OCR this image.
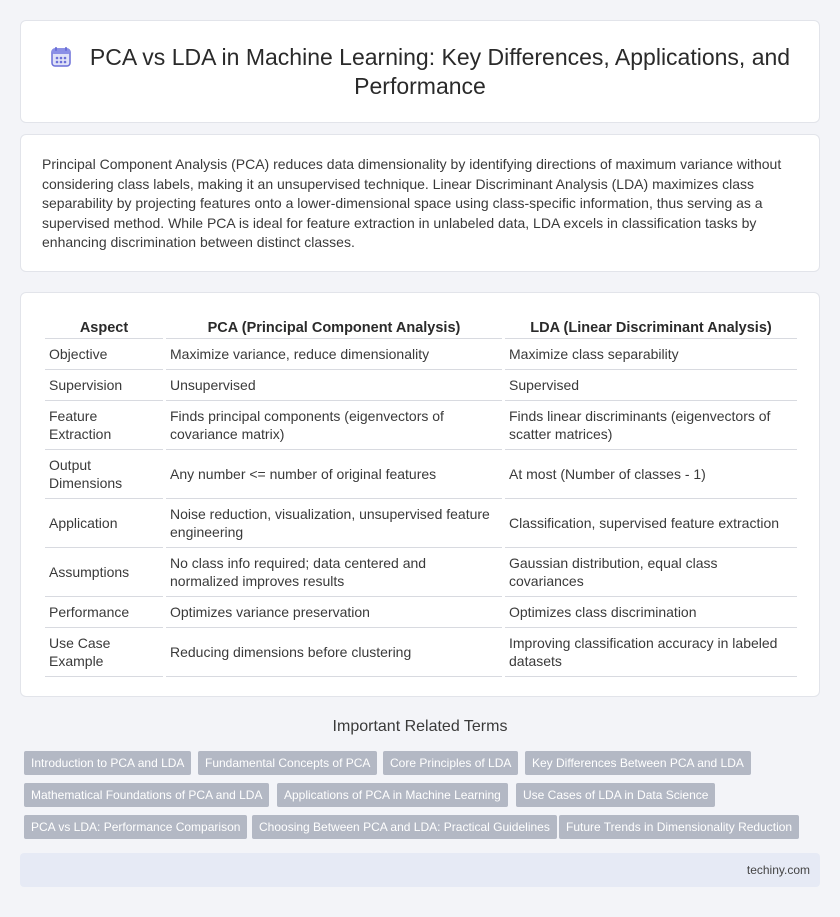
PCA vs LDA in Machine Learning: Key Differences, Applications, and Performance

Principal Component Analysis (PCA) reduces data dimensionality by identifying directions of maximum variance without considering class labels, making it an unsupervised technique. Linear Discriminant Analysis (LDA) maximizes class separability by projecting features onto a lower-dimensional space using class-specific information, thus serving as a supervised method. While PCA is ideal for feature extraction in unlabeled data, LDA excels in classification tasks by enhancing discrimination between distinct classes.

Aspect	PCA (Principal Component Analysis)	LDA (Linear Discriminant Analysis)
Objective	Maximize variance, reduce dimensionality	Maximize class separability
Supervision	Unsupervised	Supervised
Feature Extraction	Finds principal components (eigenvectors of covariance matrix)	Finds linear discriminants (eigenvectors of scatter matrices)
Output Dimensions	Any number <= number of original features	At most (Number of classes - 1)
Application	Noise reduction, visualization, unsupervised feature engineering	Classification, supervised feature extraction
Assumptions	No class info required; data centered and normalized improves results	Gaussian distribution, equal class covariances
Performance	Optimizes variance preservation	Optimizes class discrimination
Use Case Example	Reducing dimensions before clustering	Improving classification accuracy in labeled datasets
Important Related Terms
Introduction to PCA and LDA	Fundamental Concepts of PCA	Core Principles of LDA	Key Differences Between PCA and LDA
Mathematical Foundations of PCA and LDA	Applications of PCA in Machine Learning	Use Cases of LDA in Data Science
PCA vs LDA: Performance Comparison	Choosing Between PCA and LDA: Practical Guidelines	Future Trends in Dimensionality Reduction
techiny.com
